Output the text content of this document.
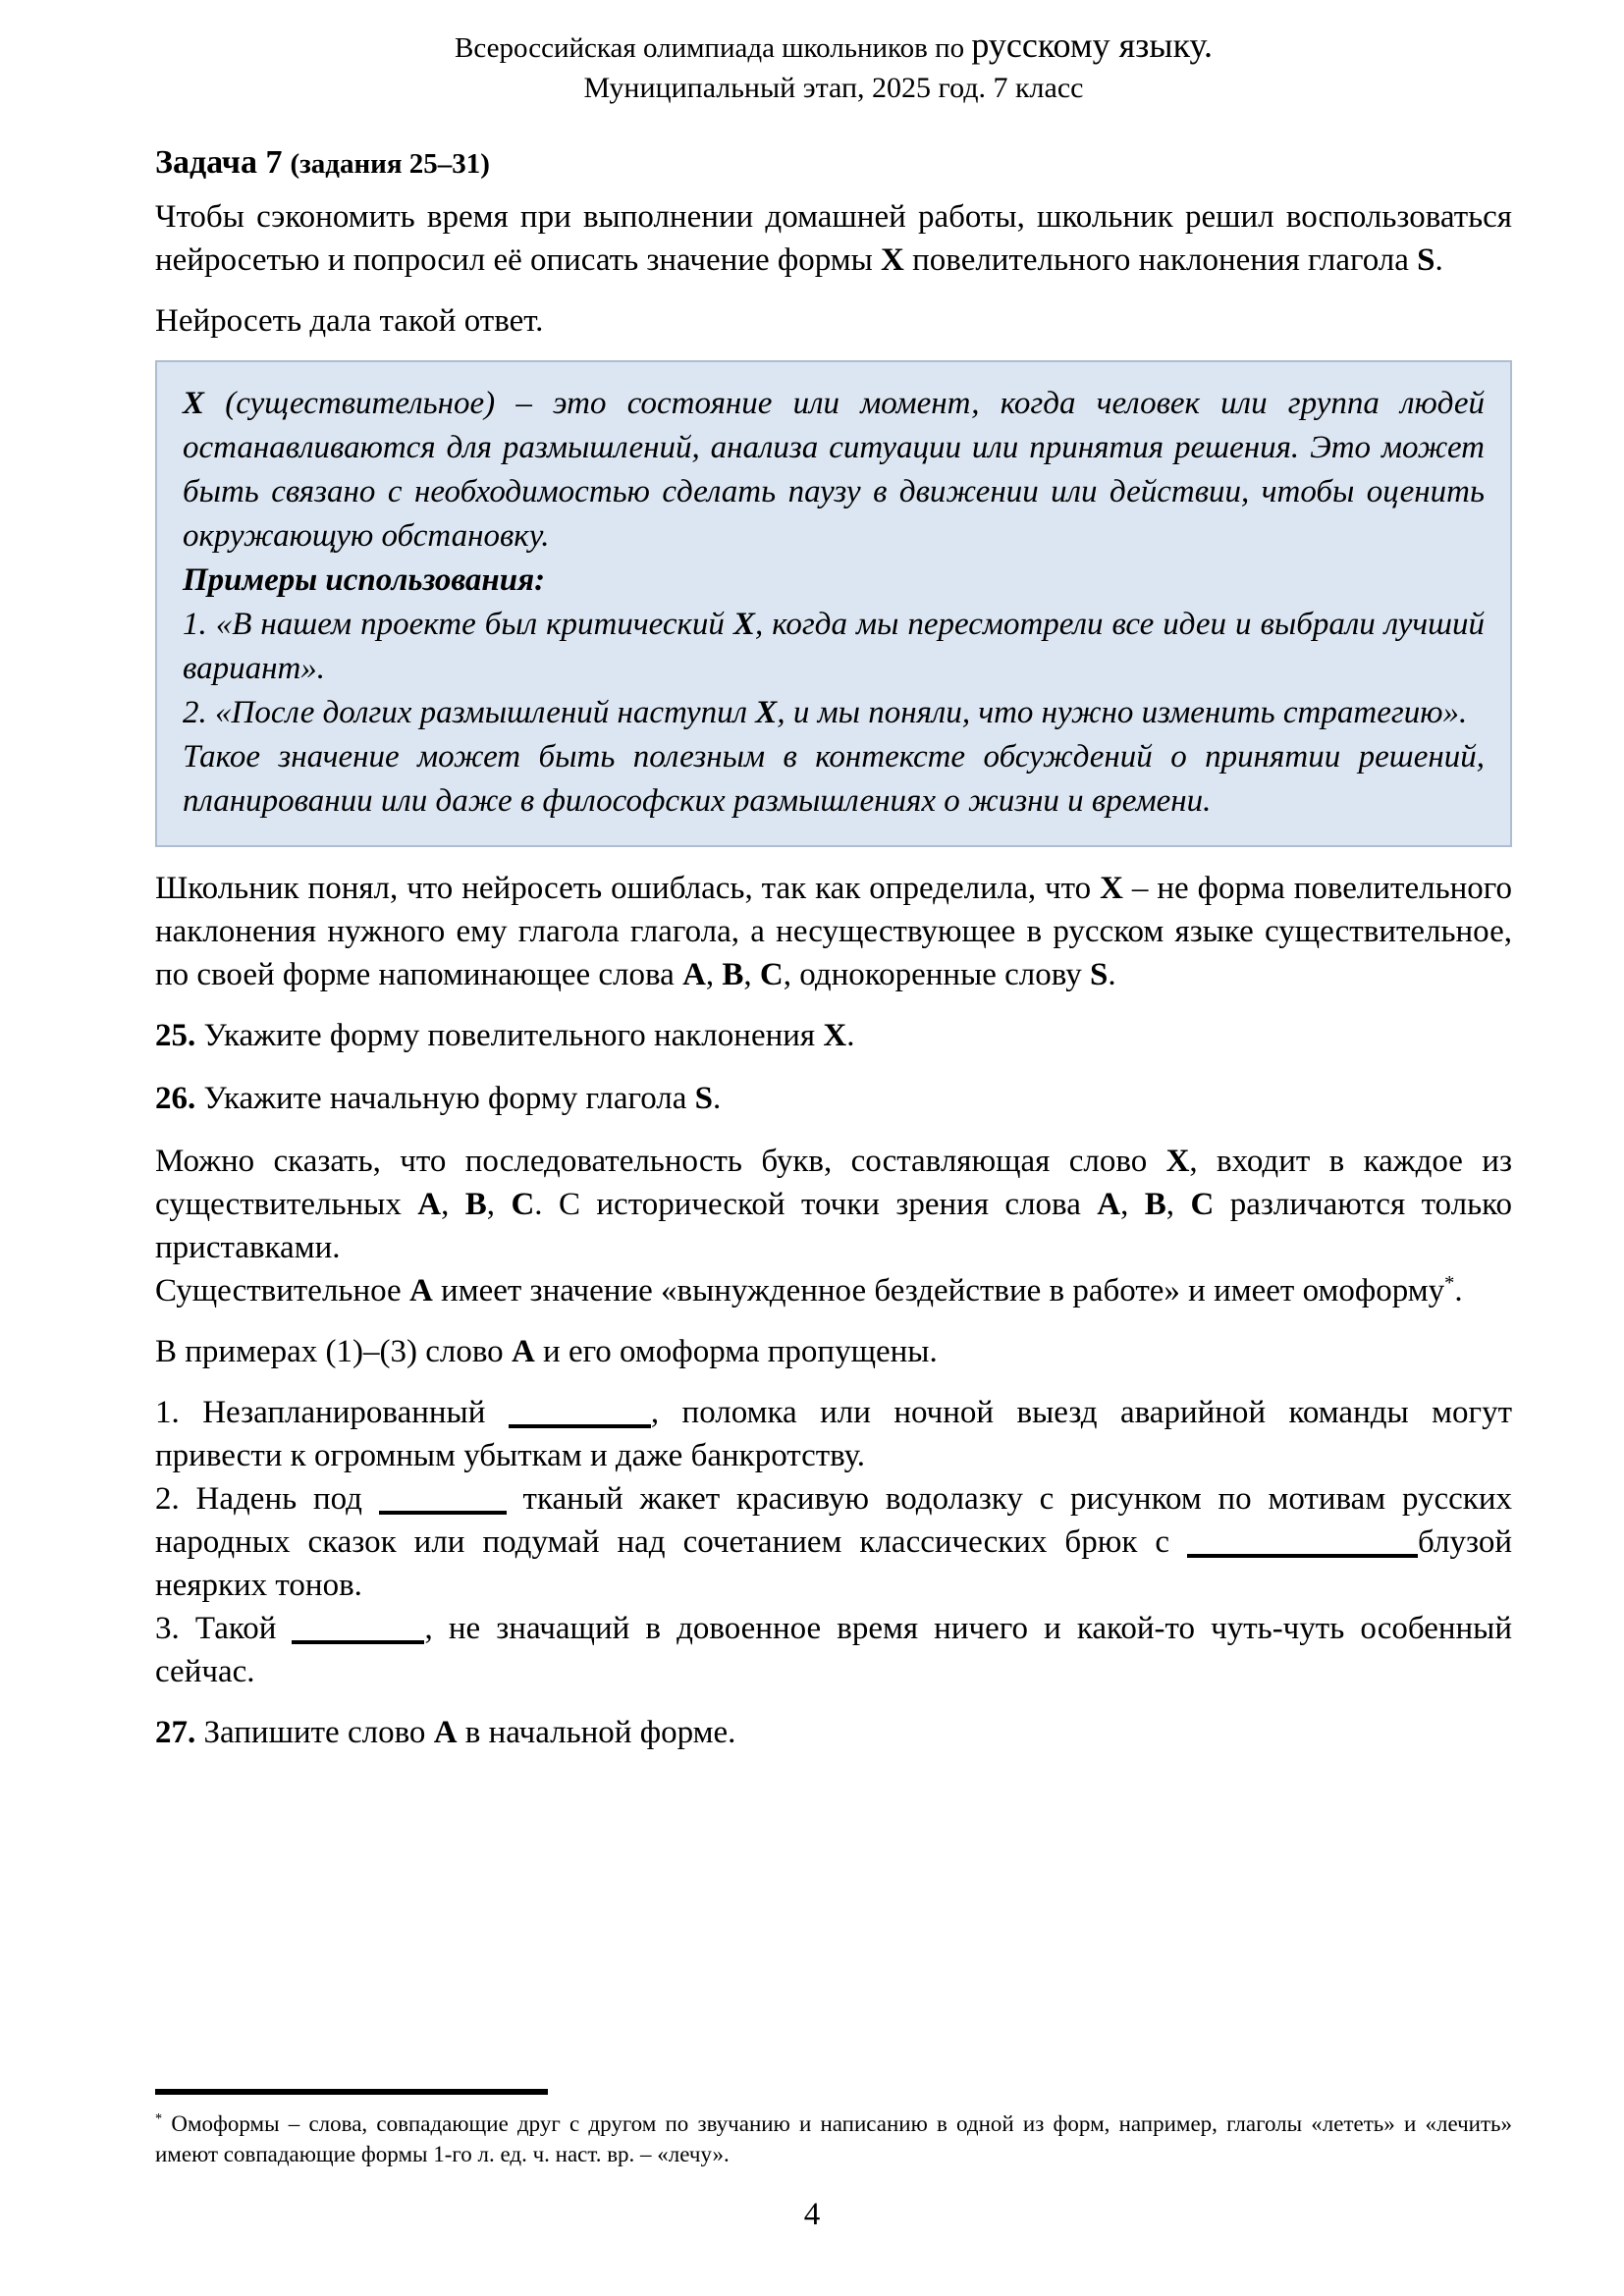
Всероссийская олимпиада школьников по русскому языку.
Муниципальный этап, 2025 год. 7 класс
Задача 7 (задания 25–31)

Чтобы сэкономить время при выполнении домашней работы, школьник решил воспользоваться нейросетью и попросил её описать значение формы X повелительного наклонения глагола S.

Нейросеть дала такой ответ.

X (существительное) – это состояние или момент, когда человек или группа людей останавливаются для размышлений, анализа ситуации или принятия решения. Это может быть связано с необходимостью сделать паузу в движении или действии, чтобы оценить окружающую обстановку.

Примеры использования:

1. «В нашем проекте был критический X, когда мы пересмотрели все идеи и выбрали лучший вариант».

2. «После долгих размышлений наступил X, и мы поняли, что нужно изменить стратегию».

Такое значение может быть полезным в контексте обсуждений о принятии решений, планировании или даже в философских размышлениях о жизни и времени.

Школьник понял, что нейросеть ошиблась, так как определила, что X – не форма повелительного наклонения нужного ему глагола глагола, а несуществующее в русском языке существительное, по своей форме напоминающее слова А, В, С, однокоренные слову S.

25. Укажите форму повелительного наклонения X.

26. Укажите начальную форму глагола S.

Можно сказать, что последовательность букв, составляющая слово X, входит в каждое из существительных А, В, С. С исторической точки зрения слова А, В, С различаются только приставками.

Существительное А имеет значение «вынужденное бездействие в работе» и имеет омоформу*.

В примерах (1)–(3) слово А и его омоформа пропущены.

1. Незапланированный	, поломка или ночной выезд аварийной команды могут привести к огромным убыткам и даже банкротству.

2. Надень под	тканый жакет красивую водолазку с рисунком по мотивам русских народных сказок или подумай над сочетанием классических брюк с	блузой неярких тонов.

3. Такой	, не значащий в довоенное время ничего и какой-то чуть-чуть особенный сейчас.

27. Запишите слово А в начальной форме.

* Омоформы – слова, совпадающие друг с другом по звучанию и написанию в одной из форм, например, глаголы «лететь» и «лечить» имеют совпадающие формы 1-го л. ед. ч. наст. вр. – «лечу».
4
